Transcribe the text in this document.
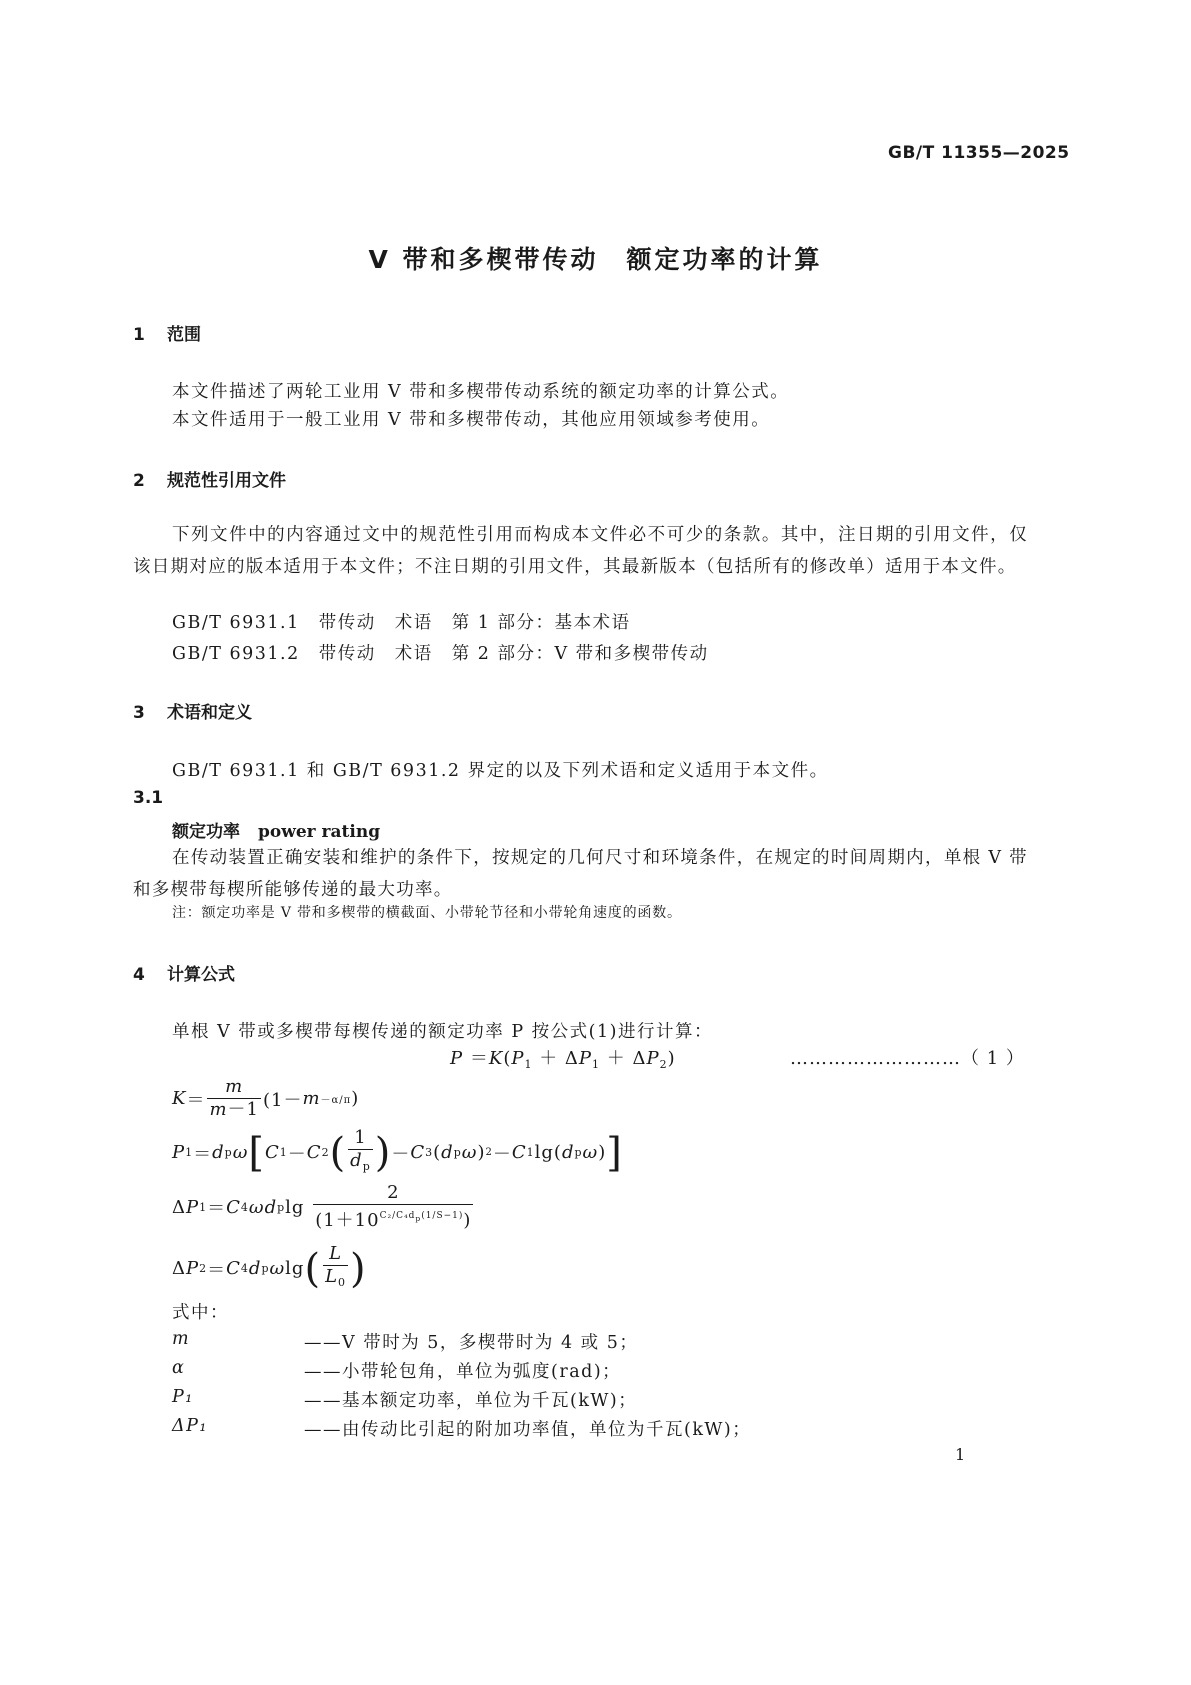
GB/T 11355—2025
V 带和多楔带传动　额定功率的计算
1 范围
本文件描述了两轮工业用 V 带和多楔带传动系统的额定功率的计算公式。
本文件适用于一般工业用 V 带和多楔带传动，其他应用领域参考使用。
2 规范性引用文件
下列文件中的内容通过文中的规范性引用而构成本文件必不可少的条款。其中，注日期的引用文件，仅该日期对应的版本适用于本文件；不注日期的引用文件，其最新版本（包括所有的修改单）适用于本文件。
GB/T 6931.1　带传动　术语　第 1 部分：基本术语
GB/T 6931.2　带传动　术语　第 2 部分：V 带和多楔带传动
3 术语和定义
GB/T 6931.1 和 GB/T 6931.2 界定的以及下列术语和定义适用于本文件。
3.1
额定功率 power rating
在传动装置正确安装和维护的条件下，按规定的几何尺寸和环境条件，在规定的时间周期内，单根 V 带和多楔带每楔所能够传递的最大功率。
注：额定功率是 V 带和多楔带的横截面、小带轮节径和小带轮角速度的函数。
4 计算公式
单根 V 带或多楔带每楔传递的额定功率 P 按公式(1)进行计算：
$P =K(P_1 + \Delta P_1 + \Delta P_2)$	………………………（ 1 ）
$K = \frac{m}{m-1} (1- m -\alpha/\pi$ )
P 1 ＝ d p ω [ C 1 － C 2 ( $\frac{1}{d_p}$ ) － C 3 ( d p ω ) 2 － C 1 lg( d p ω ) ]
Δ P 1 ＝ C 4 ω d p $\lg \frac{2}{(1+10^{C_2/C_4d_p(1/S-1)})}$
Δ P 2 ＝ C 4 d p ω lg ( $\frac{L}{L_0}$ )
式中：
m	——V 带时为 5，多楔带时为 4 或 5；
α	——小带轮包角，单位为弧度(rad)；
P₁	——基本额定功率，单位为千瓦(kW)；
ΔP₁	——由传动比引起的附加功率值，单位为千瓦(kW)；
1
